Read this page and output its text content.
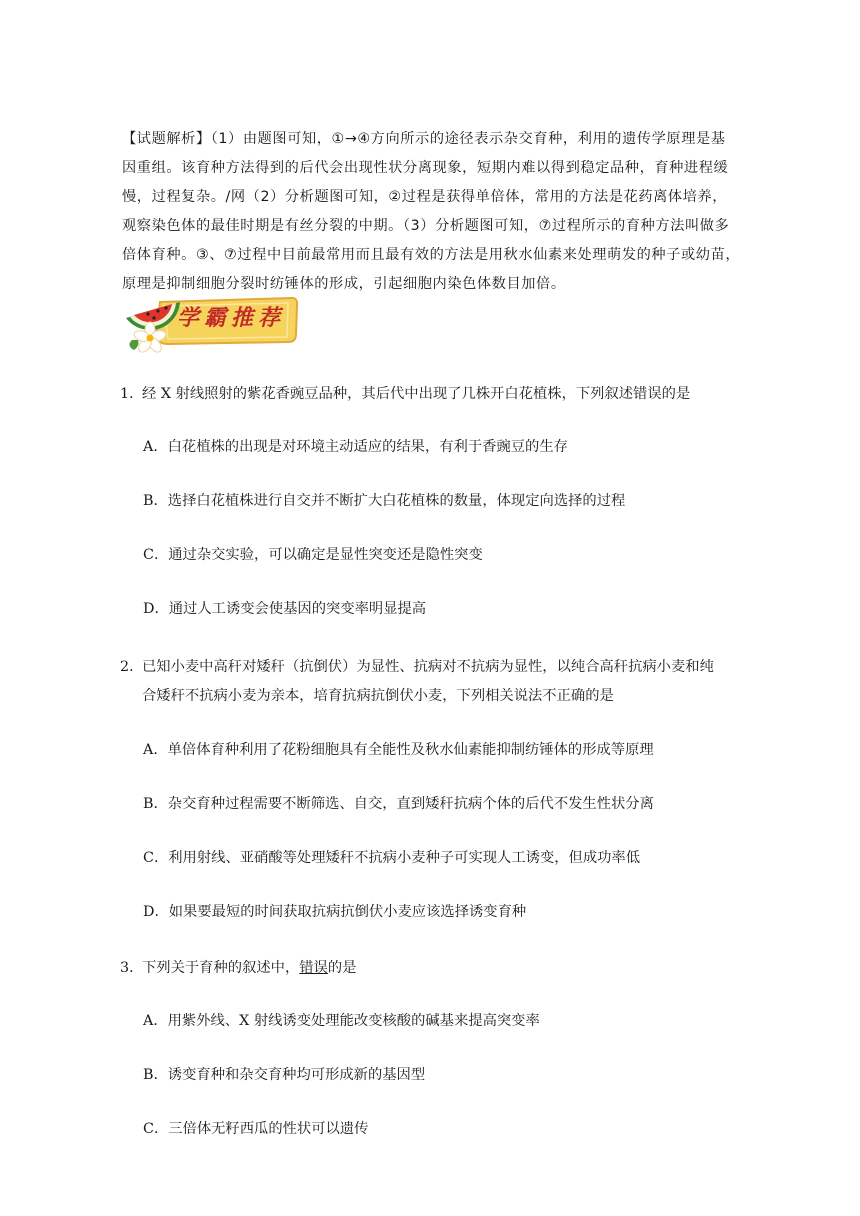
【试题解析】（1）由题图可知，①→④方向所示的途径表示杂交育种，利用的遗传学原理是基

因重组。该育种方法得到的后代会出现性状分离现象，短期内难以得到稳定品种，育种进程缓

慢，过程复杂。/网（2）分析题图可知，②过程是获得单倍体，常用的方法是花药离体培养，

观察染色体的最佳时期是有丝分裂的中期。（3）分析题图可知，⑦过程所示的育种方法叫做多

倍体育种。③、⑦过程中目前最常用而且最有效的方法是用秋水仙素来处理萌发的种子或幼苗，

原理是抑制细胞分裂时纺锤体的形成，引起细胞内染色体数目加倍。

学霸推荐
1．经 X 射线照射的紫花香豌豆品种，其后代中出现了几株开白花植株，下列叙述错误的是
A．白花植株的出现是对环境主动适应的结果，有利于香豌豆的生存
B．选择白花植株进行自交并不断扩大白花植株的数量，体现定向选择的过程
C．通过杂交实验，可以确定是显性突变还是隐性突变
D．通过人工诱变会使基因的突变率明显提高
2．已知小麦中高秆对矮秆（抗倒伏）为显性、抗病对不抗病为显性，以纯合高秆抗病小麦和纯
合矮秆不抗病小麦为亲本，培育抗病抗倒伏小麦，下列相关说法不正确的是
A．单倍体育种利用了花粉细胞具有全能性及秋水仙素能抑制纺锤体的形成等原理
B．杂交育种过程需要不断筛选、自交，直到矮秆抗病个体的后代不发生性状分离
C．利用射线、亚硝酸等处理矮秆不抗病小麦种子可实现人工诱变，但成功率低
D．如果要最短的时间获取抗病抗倒伏小麦应该选择诱变育种
3．下列关于育种的叙述中，错误的是
A．用紫外线、X 射线诱变处理能改变核酸的碱基来提高突变率
B．诱变育种和杂交育种均可形成新的基因型
C．三倍体无籽西瓜的性状可以遗传
